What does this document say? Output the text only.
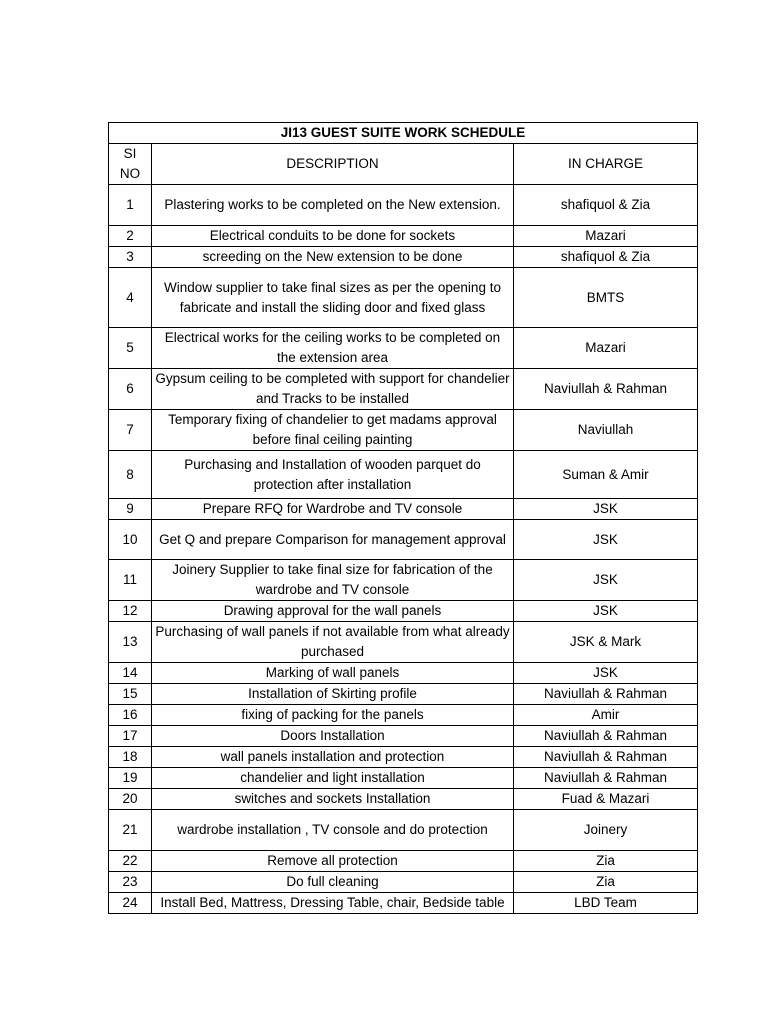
JI13 GUEST SUITE WORK SCHEDULE		
SI NO	DESCRIPTION	IN CHARGE
1	Plastering works to be completed on the New extension.	shafiquol & Zia
2	Electrical conduits to be done for sockets	Mazari
3	screeding on the New extension to be done	shafiquol & Zia
4	Window supplier to take final sizes as per the opening to fabricate and install the sliding door and fixed glass	BMTS
5	Electrical works for the ceiling works to be completed on the extension area	Mazari
6	Gypsum ceiling to be completed with support for chandelier and Tracks to be installed	Naviullah & Rahman
7	Temporary fixing of chandelier to get madams approval before final ceiling painting	Naviullah
8	Purchasing and Installation of wooden parquet do protection after installation	Suman & Amir
9	Prepare RFQ for Wardrobe and TV console	JSK
10	Get Q and prepare Comparison for management approval	JSK
11	Joinery Supplier to take final size for fabrication of the wardrobe and TV console	JSK
12	Drawing approval for the wall panels	JSK
13	Purchasing of wall panels if not available from what already purchased	JSK & Mark
14	Marking of wall panels	JSK
15	Installation of Skirting profile	Naviullah & Rahman
16	fixing of packing for the panels	Amir
17	Doors Installation	Naviullah & Rahman
18	wall panels installation and protection	Naviullah & Rahman
19	chandelier and light installation	Naviullah & Rahman
20	switches and sockets Installation	Fuad & Mazari
21	wardrobe installation , TV console and do protection	Joinery
22	Remove all protection	Zia
23	Do full cleaning	Zia
24	Install Bed, Mattress, Dressing Table, chair, Bedside table	LBD Team
